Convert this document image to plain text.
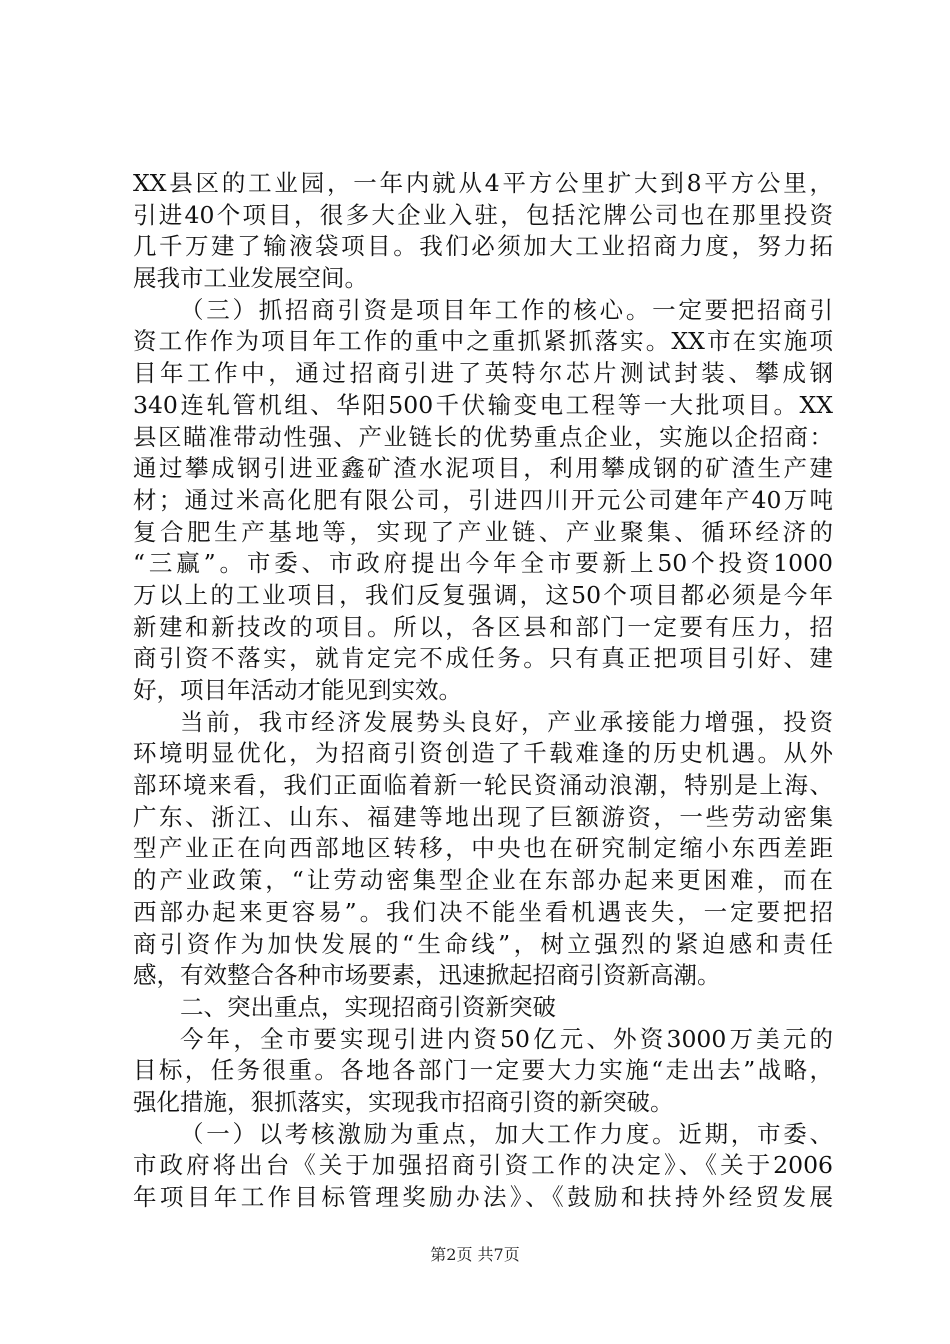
XX县区的工业园，一年内就从4平方公里扩大到8平方公里，
引进40个项目，很多大企业入驻，包括沱牌公司也在那里投资
几千万建了输液袋项目。我们必须加大工业招商力度，努力拓
展我市工业发展空间。
（三）抓招商引资是项目年工作的核心。一定要把招商引
资工作作为项目年工作的重中之重抓紧抓落实。XX市在实施项
目年工作中，通过招商引进了英特尔芯片测试封装、攀成钢
340连轧管机组、华阳500千伏输变电工程等一大批项目。XX
县区瞄准带动性强、产业链长的优势重点企业，实施以企招商：
通过攀成钢引进亚鑫矿渣水泥项目，利用攀成钢的矿渣生产建
材；通过米高化肥有限公司，引进四川开元公司建年产40万吨
复合肥生产基地等，实现了产业链、产业聚集、循环经济的
“三赢”。市委、市政府提出今年全市要新上50个投资1000
万以上的工业项目，我们反复强调，这50个项目都必须是今年
新建和新技改的项目。所以，各区县和部门一定要有压力，招
商引资不落实，就肯定完不成任务。只有真正把项目引好、建
好，项目年活动才能见到实效。
当前，我市经济发展势头良好，产业承接能力增强，投资
环境明显优化，为招商引资创造了千载难逢的历史机遇。从外
部环境来看，我们正面临着新一轮民资涌动浪潮，特别是上海、
广东、浙江、山东、福建等地出现了巨额游资，一些劳动密集
型产业正在向西部地区转移，中央也在研究制定缩小东西差距
的产业政策，“让劳动密集型企业在东部办起来更困难，而在
西部办起来更容易”。我们决不能坐看机遇丧失，一定要把招
商引资作为加快发展的“生命线”，树立强烈的紧迫感和责任
感，有效整合各种市场要素，迅速掀起招商引资新高潮。
二、突出重点，实现招商引资新突破
今年，全市要实现引进内资50亿元、外资3000万美元的
目标，任务很重。各地各部门一定要大力实施“走出去”战略，
强化措施，狠抓落实，实现我市招商引资的新突破。
（一）以考核激励为重点，加大工作力度。近期，市委、
市政府将出台《关于加强招商引资工作的决定》、《关于2006
年项目年工作目标管理奖励办法》、《鼓励和扶持外经贸发展
第2页 共7页
